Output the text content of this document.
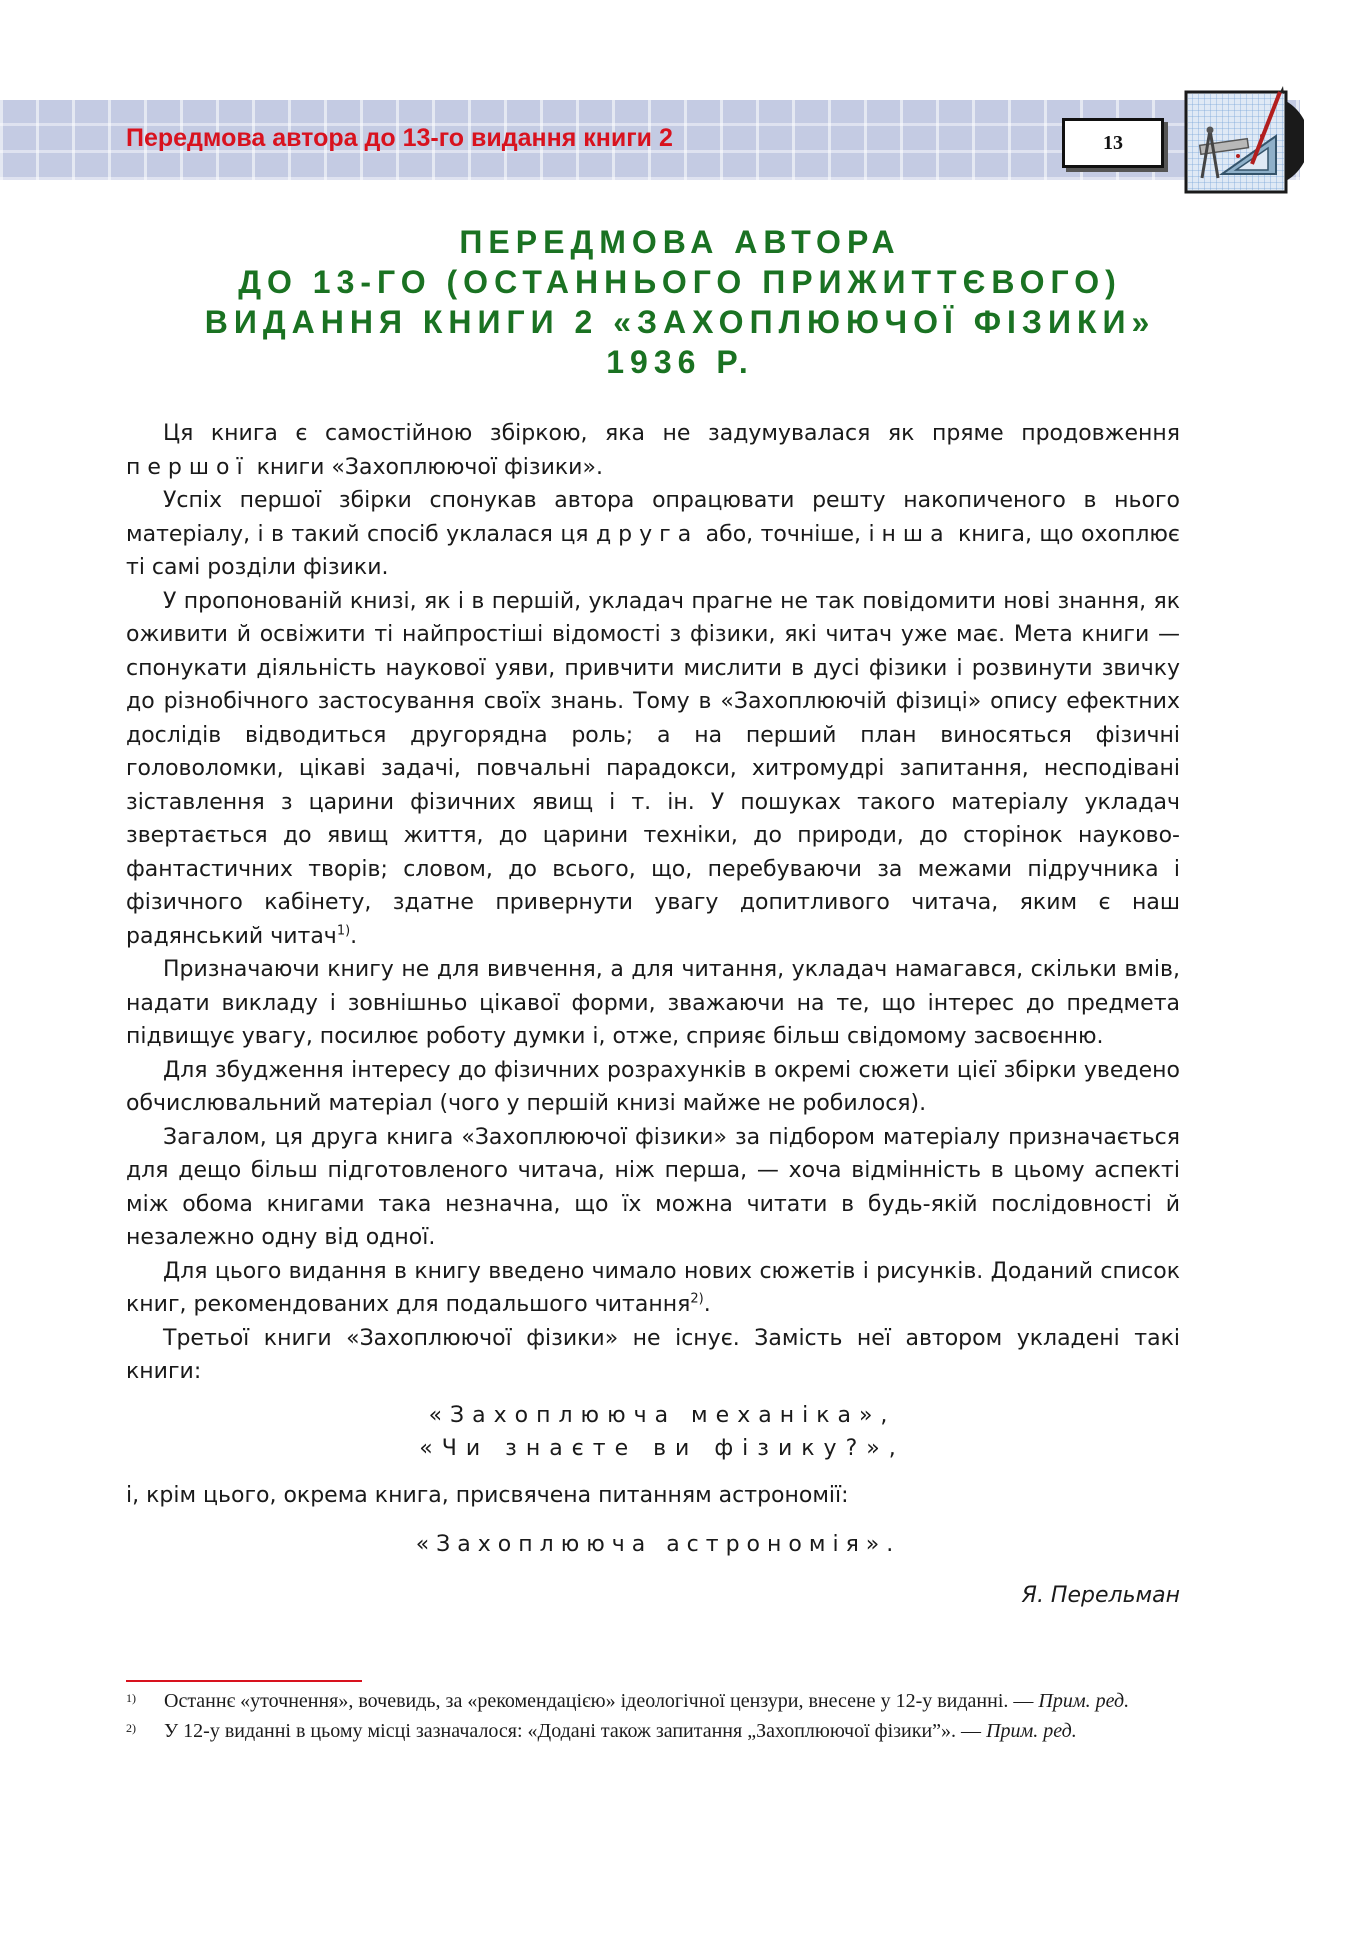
Передмова автора до 13-го видання книги 2	13
ПЕРЕДМОВА АВТОРА
ДО 13-ГО (ОСТАННЬОГО ПРИЖИТТЄВОГО)
ВИДАННЯ КНИГИ 2 «ЗАХОПЛЮЮЧОЇ ФІЗИКИ»
1936 Р.

Ця книга є самостійною збіркою, яка не задумувалася як пряме продовження першої книги «Захоплюючої фізики».

Успіх першої збірки спонукав автора опрацювати решту накопиченого в нього матеріалу, і в такий спосіб уклалася ця друга або, точніше, інша книга, що охоплює ті самі розділи фізики.

У пропонованій книзі, як і в першій, укладач прагне не так повідомити нові знання, як оживити й освіжити ті найпростіші відомості з фізики, які читач уже має. Мета книги — спонукати діяльність наукової уяви, привчити мислити в дусі фізики і розвинути звичку до різнобічного застосування своїх знань. Тому в «Захоплюючій фізиці» опису ефектних дослідів відводиться другорядна роль; а на перший план виносяться фізичні головоломки, цікаві задачі, повчальні парадокси, хитромудрі запитання, несподівані зіставлення з царини фізичних явищ і т. ін. У пошуках такого матеріалу укладач звертається до явищ життя, до царини техніки, до природи, до сторінок науково-фантастичних творів; словом, до всього, що, перебуваючи за межами підручника і фізичного кабінету, здатне привернути увагу допитливого читача, яким є наш радянський читач$^{1)}$.

Призначаючи книгу не для вивчення, а для читання, укладач намагався, скільки вмів, надати викладу і зовнішньо цікавої форми, зважаючи на те, що інтерес до предмета підвищує увагу, посилює роботу думки і, отже, сприяє більш свідомому засвоєнню.

Для збудження інтересу до фізичних розрахунків в окремі сюжети цієї збірки уведено обчислювальний матеріал (чого у першій книзі майже не робилося).

Загалом, ця друга книга «Захоплюючої фізики» за підбором матеріалу призначається для дещо більш підготовленого читача, ніж перша, — хоча відмінність в цьому аспекті між обома книгами така незначна, що їх можна читати в будь-якій послідовності й незалежно одну від одної.

Для цього видання в книгу введено чимало нових сюжетів і рисунків. Доданий список книг, рекомендованих для подальшого читання$^{2)}$.

Третьої книги «Захоплюючої фізики» не існує. Замість неї автором укладені такі книги:

«Захоплююча механіка»,
«Чи знаєте ви фізику?»,

і, крім цього, окрема книга, присвячена питанням астрономії:

«Захоплююча астрономія».
Я. Перельман
1)	Останнє «уточнення», вочевидь, за «рекомендацією» ідеологічної цензури, внесене у 12-у виданні. — Прим. ред.
2)	У 12-у виданні в цьому місці зазначалося: «Додані також запитання „Захоплюючої фізики”». — Прим. ред.
